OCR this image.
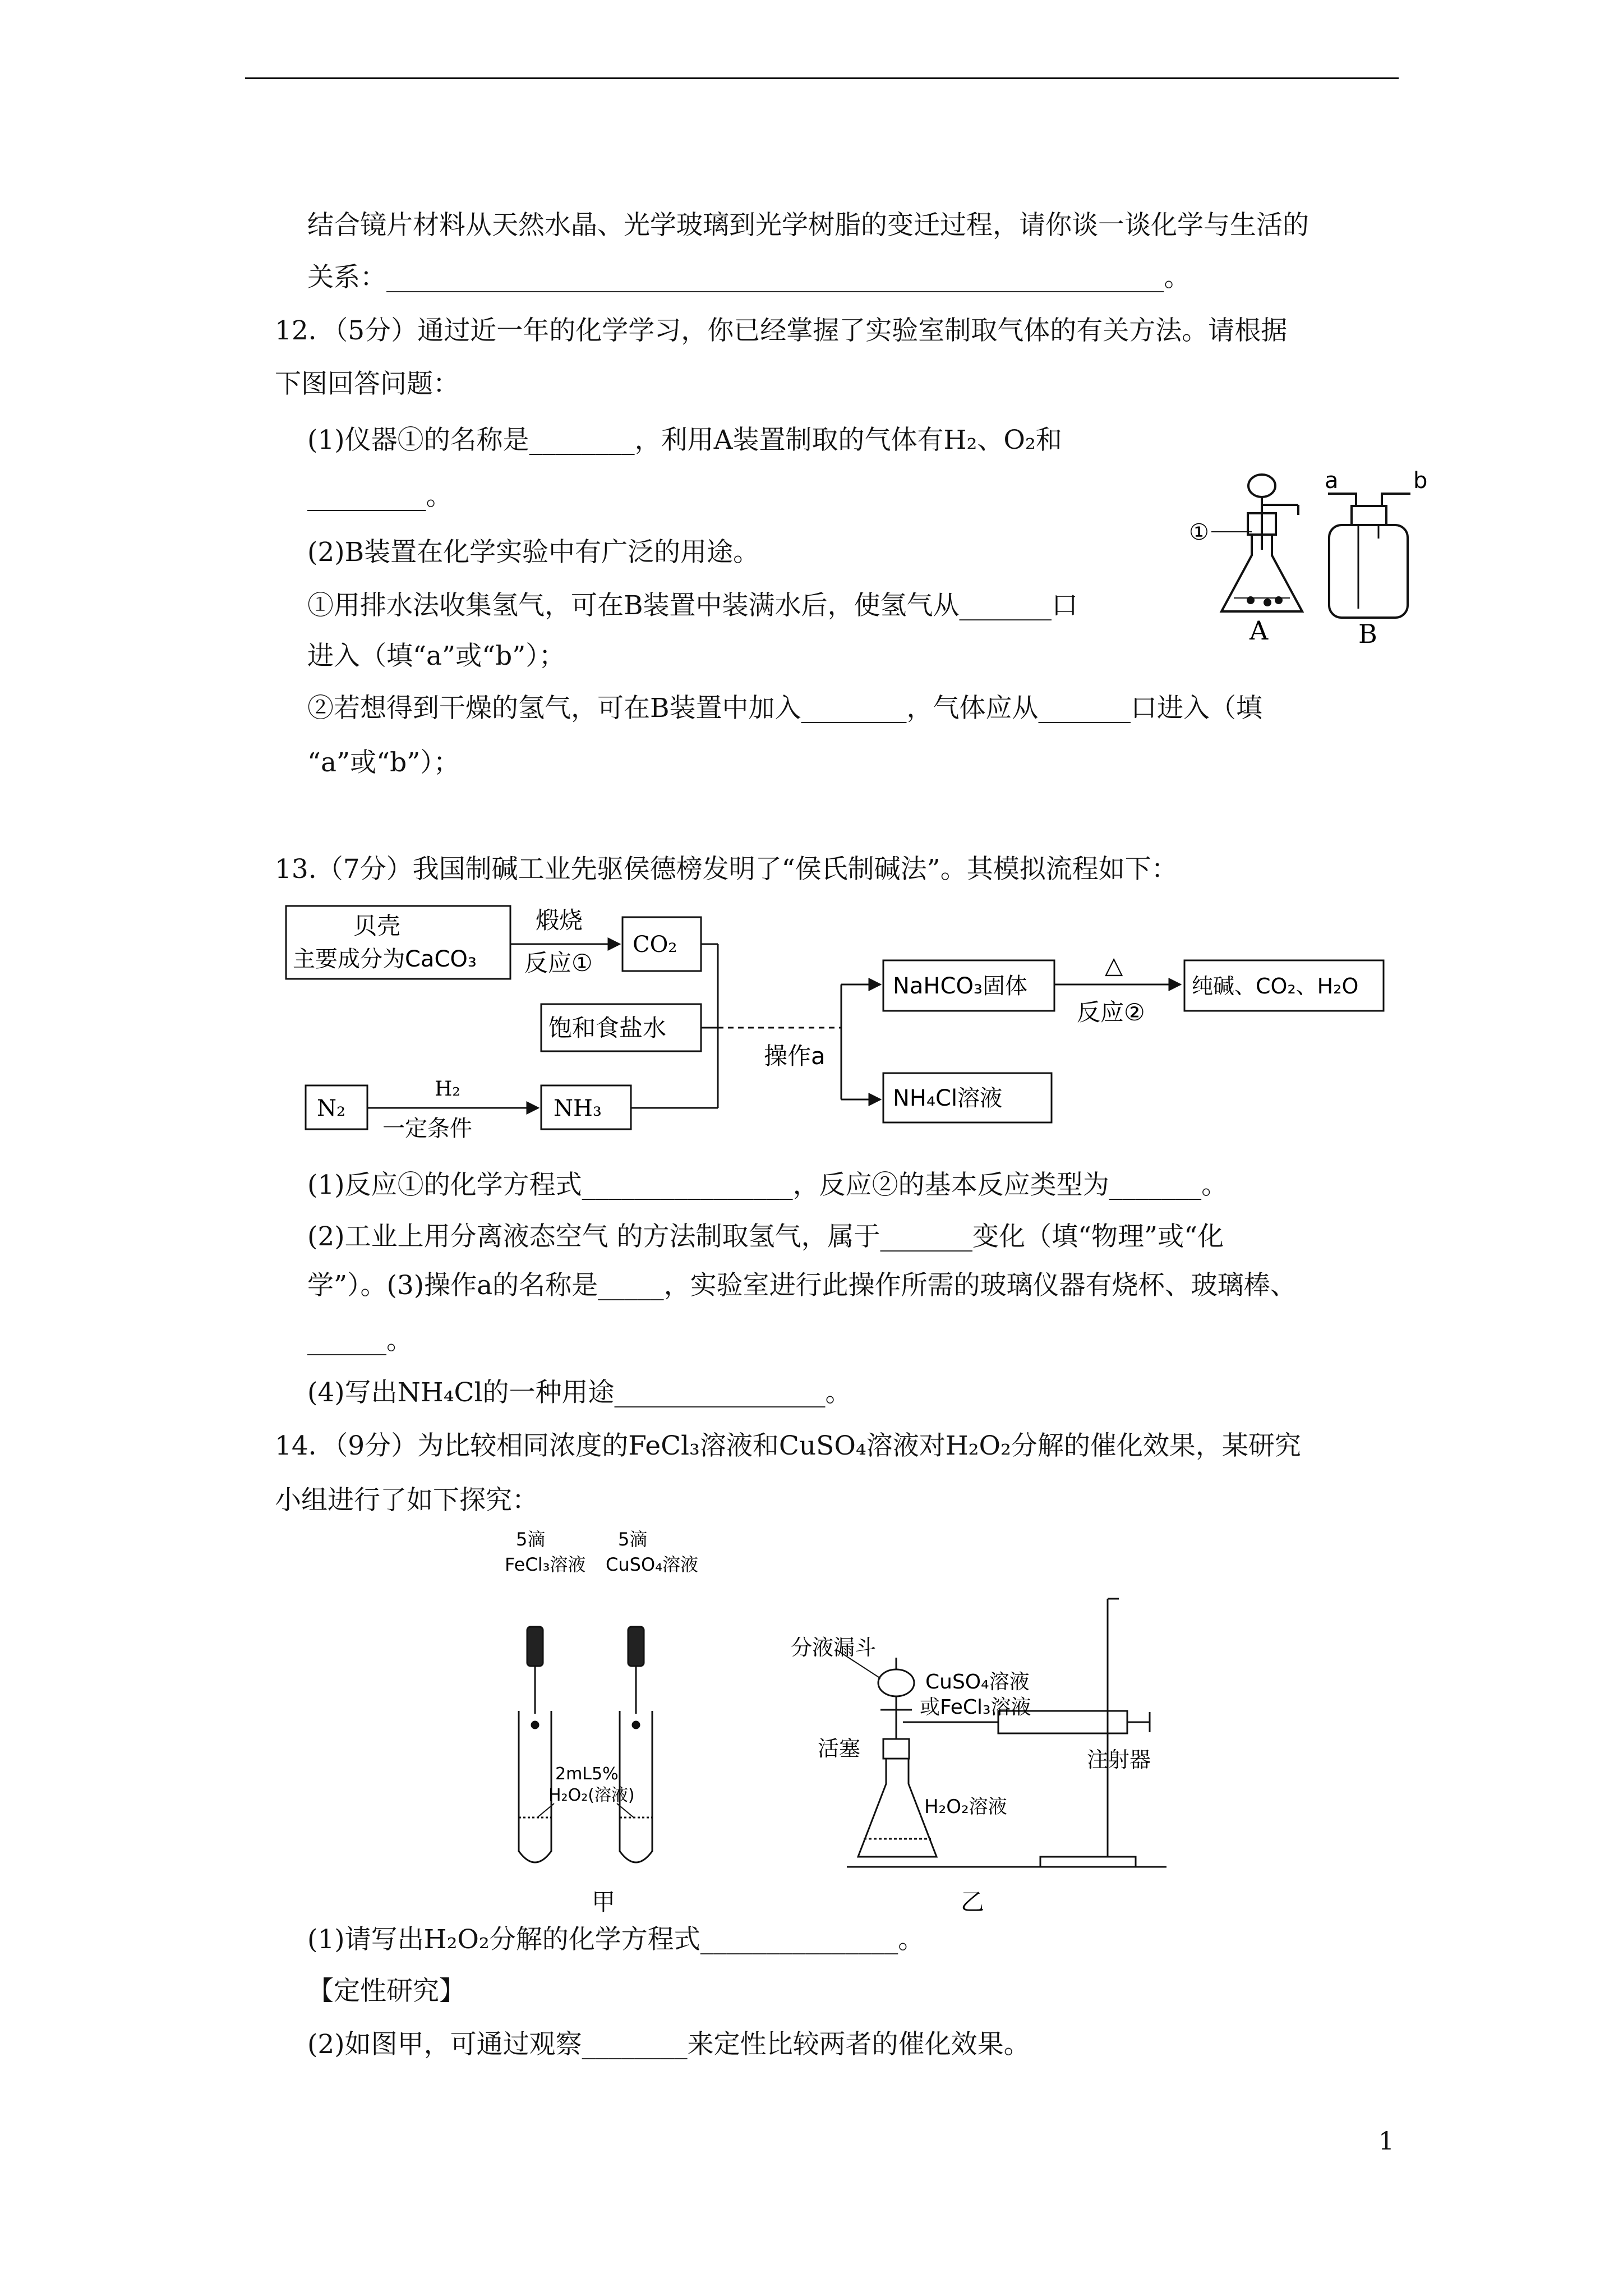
结合镜片材料从天然水晶、光学玻璃到光学树脂的变迁过程，请你谈一谈化学与生活的
关系：___________________________________________________________。
12．（5分）通过近一年的化学学习，你已经掌握了实验室制取气体的有关方法。请根据
下图回答问题：
(1)仪器①的名称是________，利用A装置制取的气体有H₂、O₂和
_________。
(2)B装置在化学实验中有广泛的用途。
①用排水法收集氢气，可在B装置中装满水后，使氢气从_______口
进入（填“a”或“b”）；
②若想得到干燥的氢气，可在B装置中加入________，气体应从_______口进入（填
“a”或“b”）；
13.（7分）我国制碱工业先驱侯德榜发明了“侯氏制碱法”。其模拟流程如下：
(1)反应①的化学方程式________________，反应②的基本反应类型为_______。
(2)工业上用分离液态空气 的方法制取氢气，属于_______变化（填“物理”或“化
学”）。(3)操作a的名称是_____，实验室进行此操作所需的玻璃仪器有烧杯、玻璃棒、
______。
(4)写出NH₄Cl的一种用途________________。
14．（9分）为比较相同浓度的FeCl₃溶液和CuSO₄溶液对H₂O₂分解的催化效果，某研究
小组进行了如下探究：
(1)请写出H₂O₂分解的化学方程式_______________。
【定性研究】
(2)如图甲，可通过观察________来定性比较两者的催化效果。
①
A
a	b
B
贝壳
主要成分为CaCO₃
煅烧
反应①
CO₂
饱和食盐水
N₂
H₂
一定条件
NH₃
操作a
NaHCO₃固体
△
反应②
纯碱、CO₂、H₂O
NH₄Cl溶液
5滴
FeCl₃溶液
5滴
CuSO₄溶液
2mL5%
H₂O₂(溶液)
甲
分液漏斗
CuSO₄溶液
或FeCl₃溶液
活塞	注射器
H₂O₂溶液
乙
1
